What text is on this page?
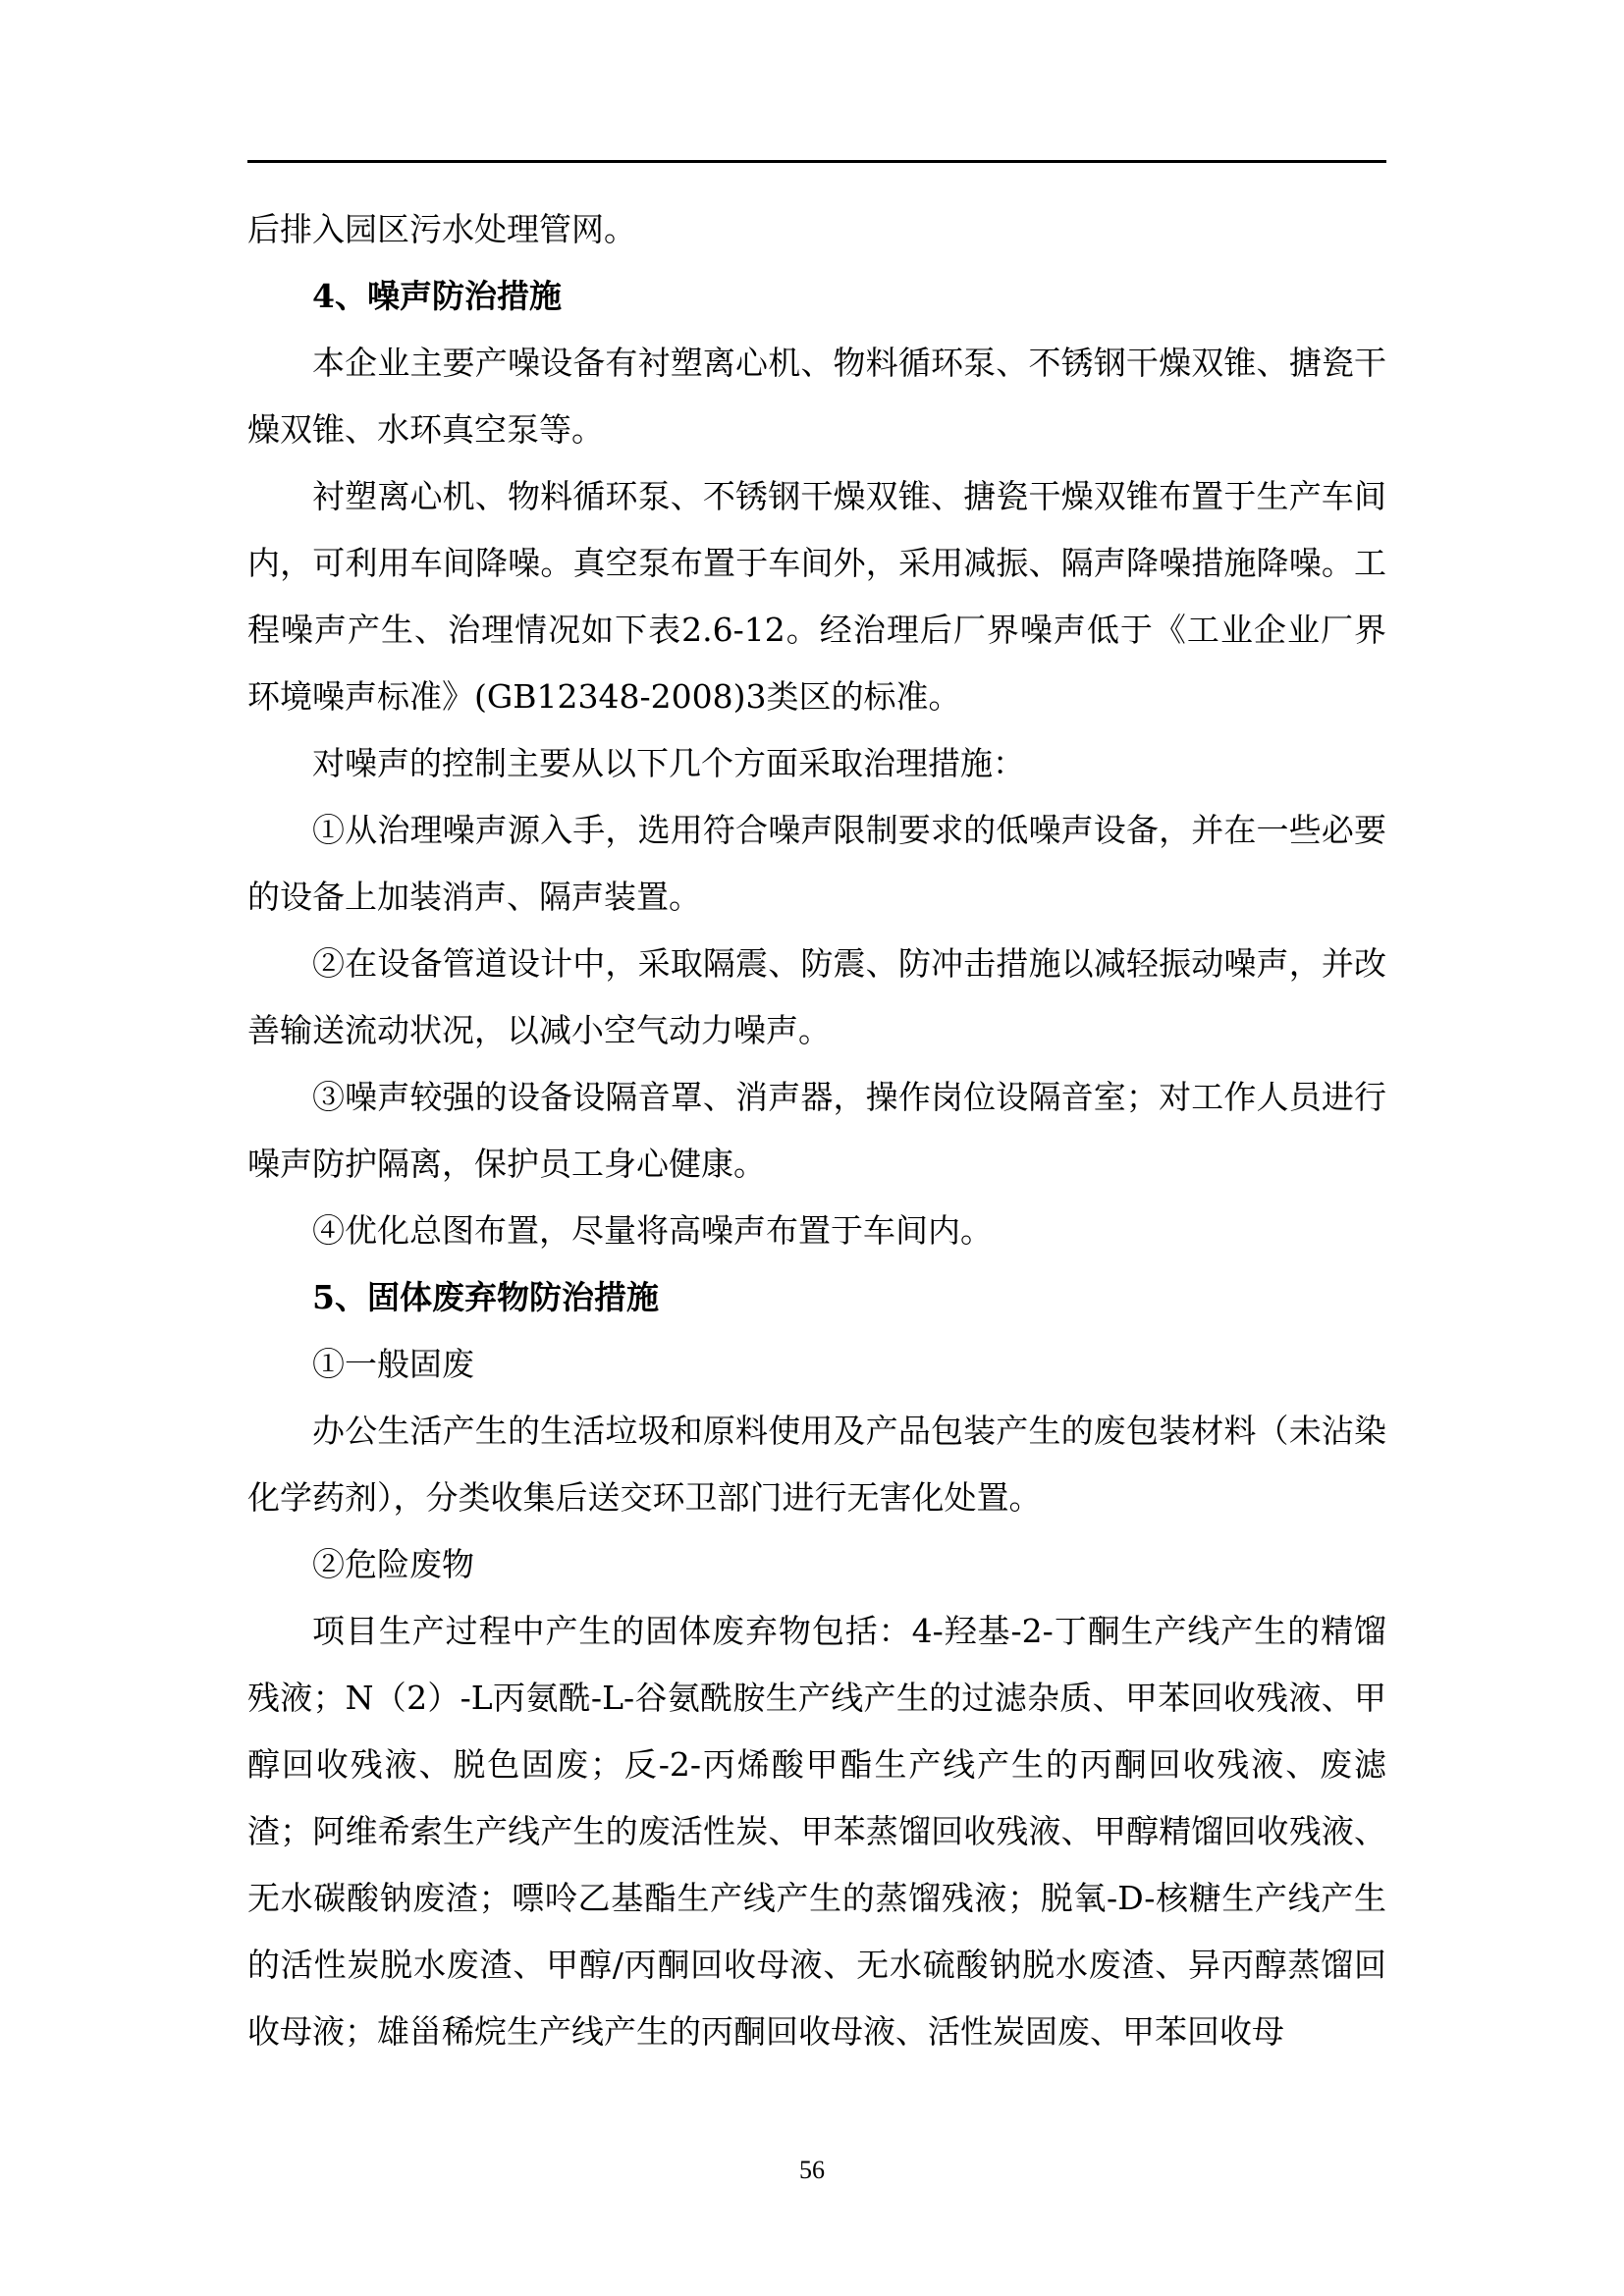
后排入园区污水处理管网。

4、噪声防治措施

本企业主要产噪设备有衬塑离心机、物料循环泵、不锈钢干燥双锥、搪瓷干燥双锥、水环真空泵等。

衬塑离心机、物料循环泵、不锈钢干燥双锥、搪瓷干燥双锥布置于生产车间内，可利用车间降噪。真空泵布置于车间外，采用减振、隔声降噪措施降噪。工程噪声产生、治理情况如下表2.6-12。经治理后厂界噪声低于《工业企业厂界环境噪声标准》(GB12348-2008)3类区的标准。

对噪声的控制主要从以下几个方面采取治理措施：

①从治理噪声源入手，选用符合噪声限制要求的低噪声设备，并在一些必要的设备上加装消声、隔声装置。

②在设备管道设计中，采取隔震、防震、防冲击措施以减轻振动噪声，并改善输送流动状况，以减小空气动力噪声。

③噪声较强的设备设隔音罩、消声器，操作岗位设隔音室；对工作人员进行噪声防护隔离，保护员工身心健康。

④优化总图布置，尽量将高噪声布置于车间内。

5、固体废弃物防治措施

①一般固废

办公生活产生的生活垃圾和原料使用及产品包装产生的废包装材料（未沾染化学药剂），分类收集后送交环卫部门进行无害化处置。

②危险废物

项目生产过程中产生的固体废弃物包括：4-羟基-2-丁酮生产线产生的精馏残液；N（2）-L丙氨酰-L-谷氨酰胺生产线产生的过滤杂质、甲苯回收残液、甲醇回收残液、脱色固废；反-2-丙烯酸甲酯生产线产生的丙酮回收残液、废滤渣；阿维希索生产线产生的废活性炭、甲苯蒸馏回收残液、甲醇精馏回收残液、无水碳酸钠废渣；嘌呤乙基酯生产线产生的蒸馏残液；脱氧-D-核糖生产线产生的活性炭脱水废渣、甲醇/丙酮回收母液、无水硫酸钠脱水废渣、异丙醇蒸馏回收母液；雄甾稀烷生产线产生的丙酮回收母液、活性炭固废、甲苯回收母

56
